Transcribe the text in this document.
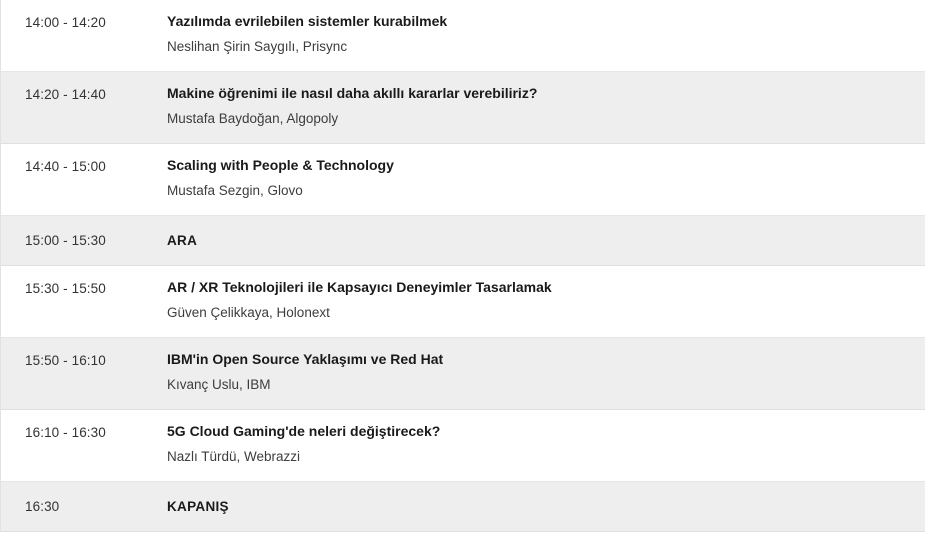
14:00 - 14:20	Yazılımda evrilebilen sistemler kurabilmek
Neslihan Şirin Saygılı, Prisync
14:20 - 14:40	Makine öğrenimi ile nasıl daha akıllı kararlar verebiliriz?
Mustafa Baydoğan, Algopoly
14:40 - 15:00	Scaling with People & Technology
Mustafa Sezgin, Glovo
15:00 - 15:30	ARA
15:30 - 15:50	AR / XR Teknolojileri ile Kapsayıcı Deneyimler Tasarlamak
Güven Çelikkaya, Holonext
15:50 - 16:10	IBM'in Open Source Yaklaşımı ve Red Hat
Kıvanç Uslu, IBM
16:10 - 16:30	5G Cloud Gaming'de neleri değiştirecek?
Nazlı Türdü, Webrazzi
16:30	KAPANIŞ
